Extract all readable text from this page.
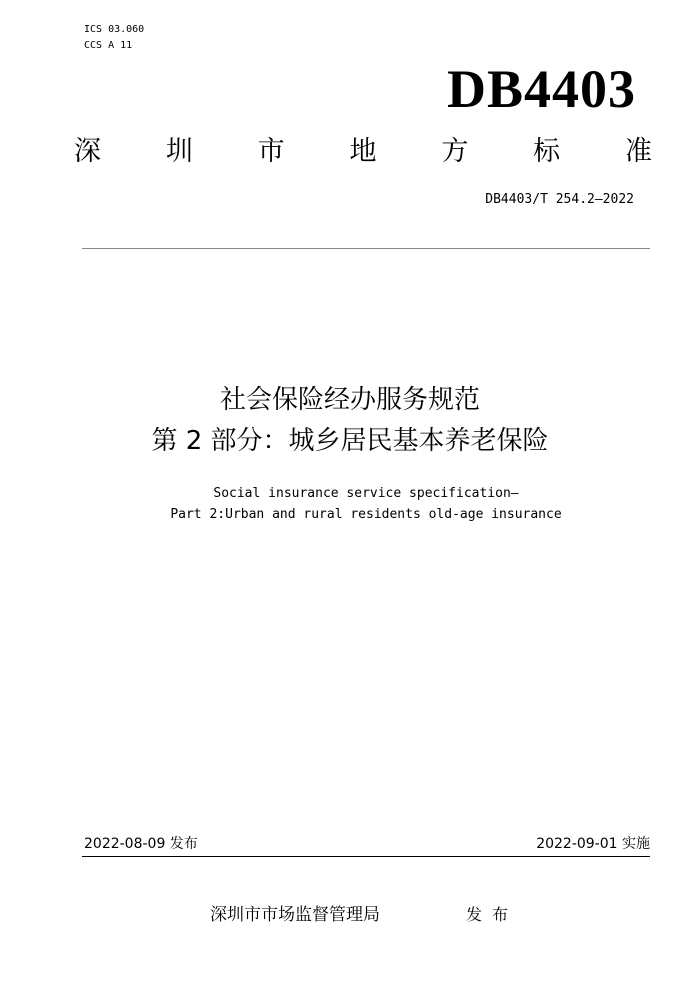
ICS 03.060
CCS A 11
DB4403
深 圳 市 地 方 标 准
DB4403/T 254.2—2022
社会保险经办服务规范
第 2 部分：城乡居民基本养老保险
Social insurance service specification—
Part 2:Urban and rural residents old-age insurance
2022-08-09 发布	2022-09-01 实施
深圳市市场监督管理局	发布
